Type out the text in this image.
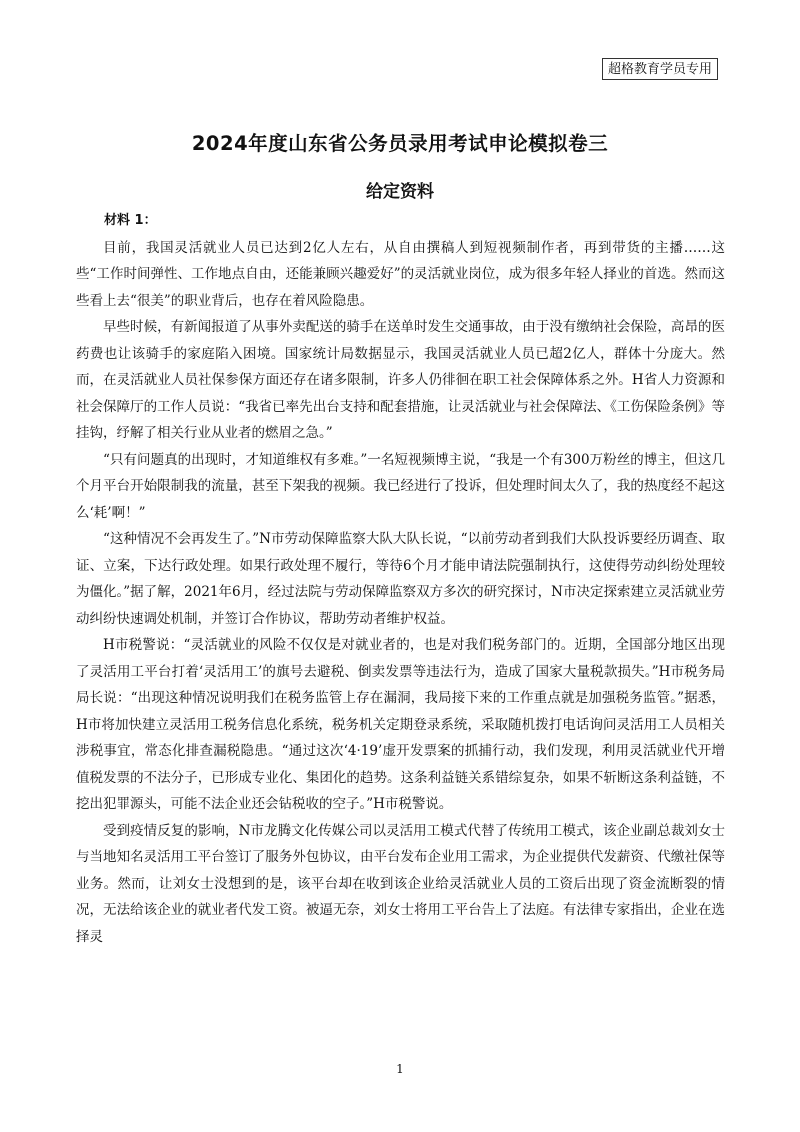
超格教育学员专用
2024年度山东省公务员录用考试申论模拟卷三
给定资料

材料 1：

目前，我国灵活就业人员已达到2亿人左右，从自由撰稿人到短视频制作者，再到带货的主播……这些“工作时间弹性、工作地点自由，还能兼顾兴趣爱好”的灵活就业岗位，成为很多年轻人择业的首选。然而这些看上去“很美”的职业背后，也存在着风险隐患。

早些时候，有新闻报道了从事外卖配送的骑手在送单时发生交通事故，由于没有缴纳社会保险，高昂的医药费也让该骑手的家庭陷入困境。国家统计局数据显示，我国灵活就业人员已超2亿人，群体十分庞大。然而，在灵活就业人员社保参保方面还存在诸多限制，许多人仍徘徊在职工社会保障体系之外。H省人力资源和社会保障厅的工作人员说：“我省已率先出台支持和配套措施，让灵活就业与社会保障法、《工伤保险条例》等挂钩，纾解了相关行业从业者的燃眉之急。”

“只有问题真的出现时，才知道维权有多难。”一名短视频博主说，“我是一个有300万粉丝的博主，但这几个月平台开始限制我的流量，甚至下架我的视频。我已经进行了投诉，但处理时间太久了，我的热度经不起这么‘耗’啊！”

“这种情况不会再发生了。”N市劳动保障监察大队大队长说，“以前劳动者到我们大队投诉要经历调查、取证、立案，下达行政处理。如果行政处理不履行，等待6个月才能申请法院强制执行，这使得劳动纠纷处理较为僵化。”据了解，2021年6月，经过法院与劳动保障监察双方多次的研究探讨，N市决定探索建立灵活就业劳动纠纷快速调处机制，并签订合作协议，帮助劳动者维护权益。

H市税警说：“灵活就业的风险不仅仅是对就业者的，也是对我们税务部门的。近期，全国部分地区出现了灵活用工平台打着‘灵活用工’的旗号去避税、倒卖发票等违法行为，造成了国家大量税款损失。”H市税务局局长说：“出现这种情况说明我们在税务监管上存在漏洞，我局接下来的工作重点就是加强税务监管。”据悉，H市将加快建立灵活用工税务信息化系统，税务机关定期登录系统，采取随机拨打电话询问灵活用工人员相关涉税事宜，常态化排查漏税隐患。“通过这次‘4·19’虚开发票案的抓捕行动，我们发现，利用灵活就业代开增值税发票的不法分子，已形成专业化、集团化的趋势。这条利益链关系错综复杂，如果不斩断这条利益链，不挖出犯罪源头，可能不法企业还会钻税收的空子。”H市税警说。

受到疫情反复的影响，N市龙腾文化传媒公司以灵活用工模式代替了传统用工模式，该企业副总裁刘女士与当地知名灵活用工平台签订了服务外包协议，由平台发布企业用工需求，为企业提供代发薪资、代缴社保等业务。然而，让刘女士没想到的是，该平台却在收到该企业给灵活就业人员的工资后出现了资金流断裂的情况，无法给该企业的就业者代发工资。被逼无奈，刘女士将用工平台告上了法庭。有法律专家指出，企业在选择灵

1
